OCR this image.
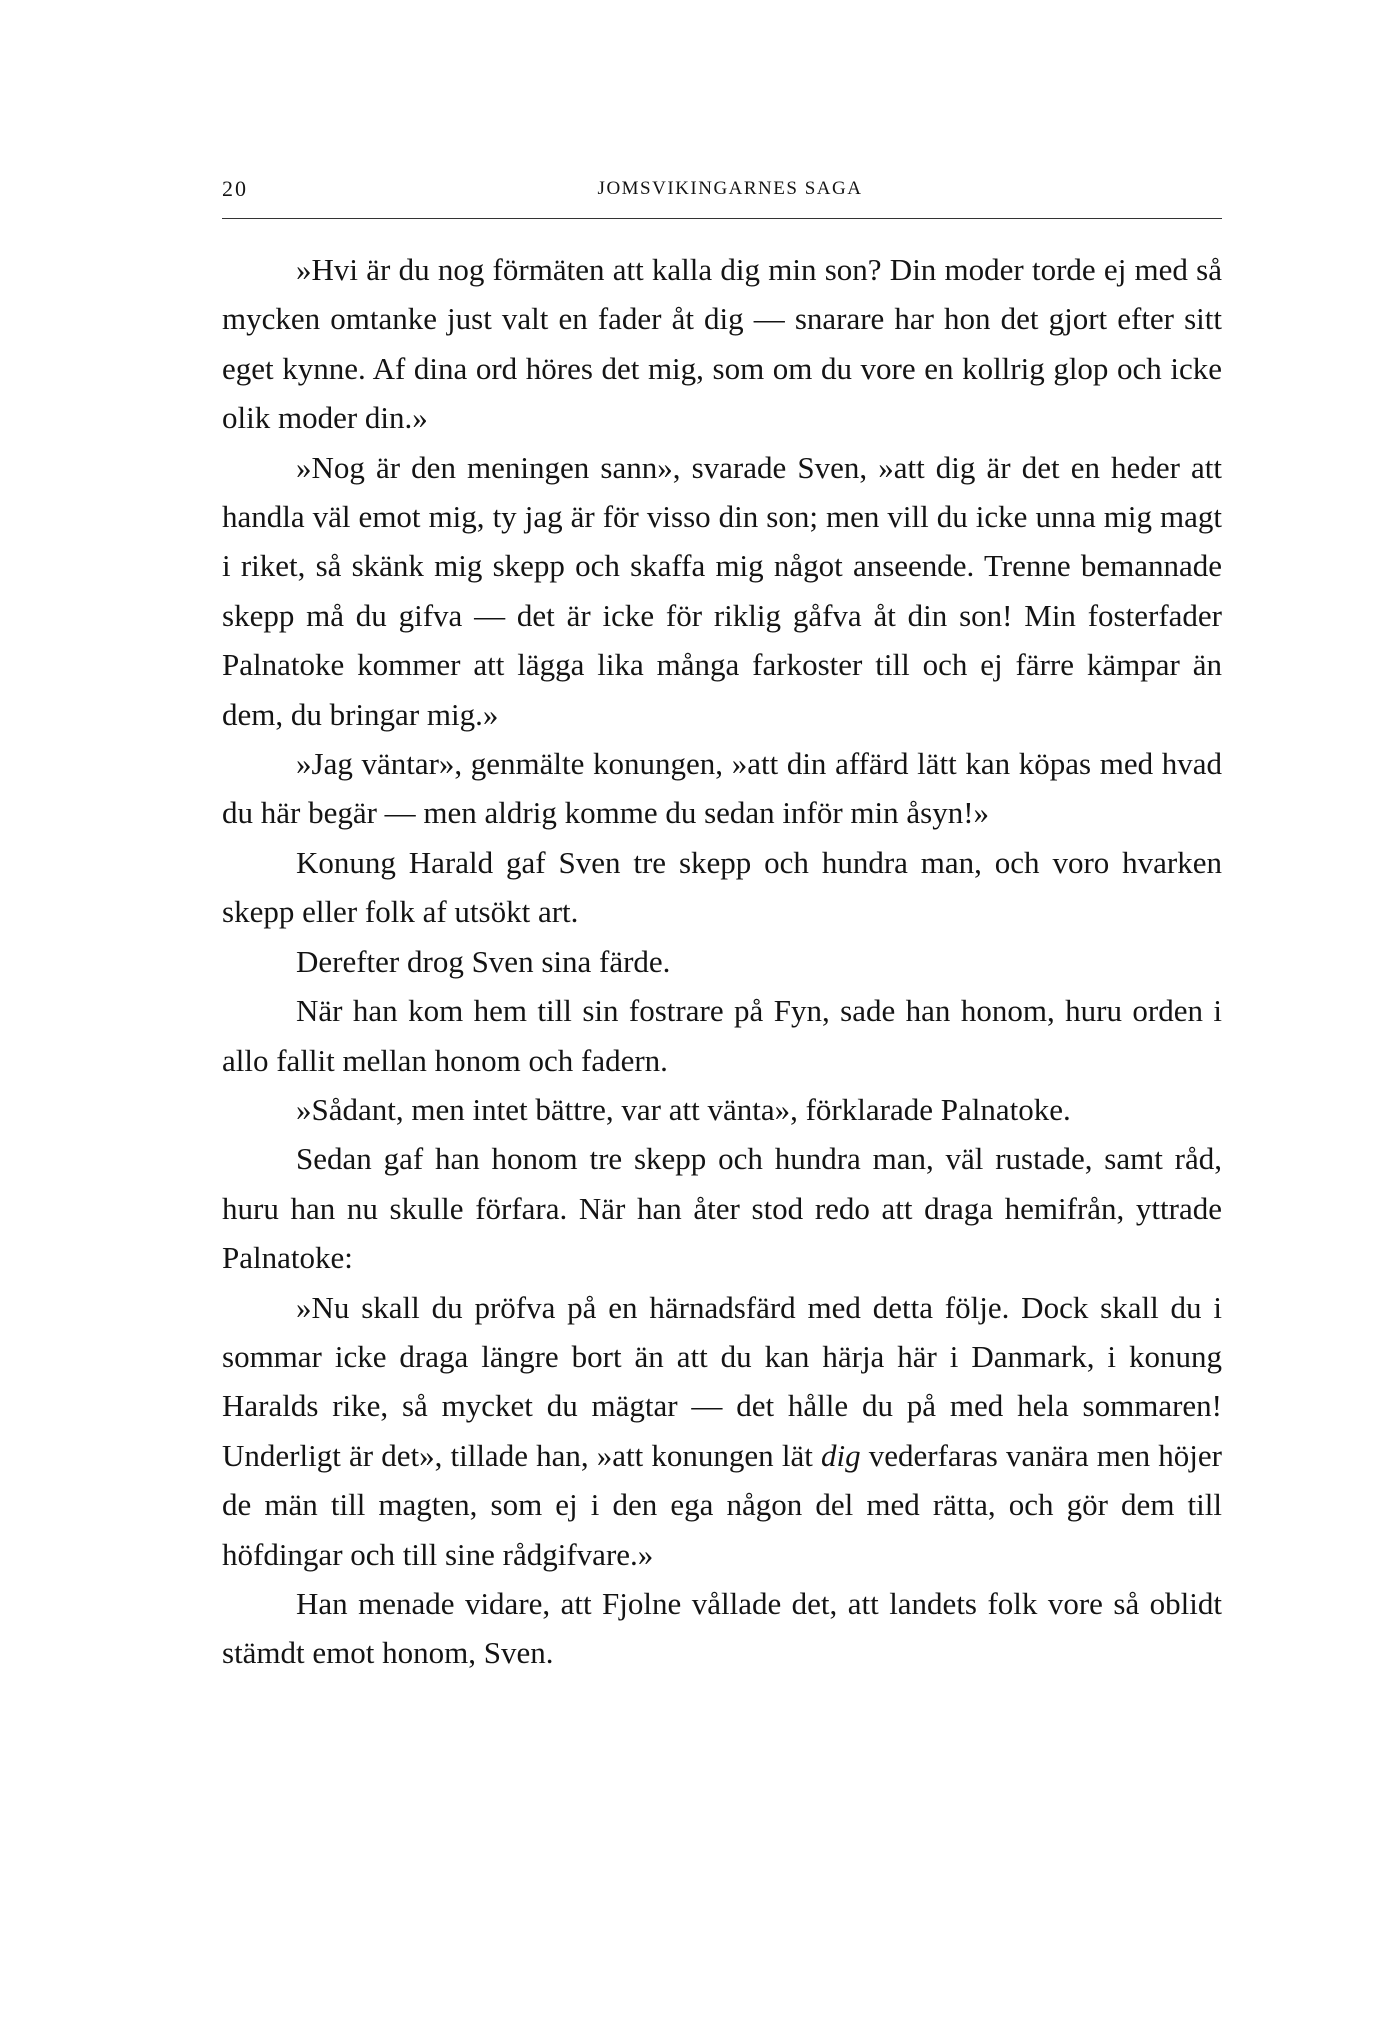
20	JOMSVIKINGARNES SAGA

»Hvi är du nog förmäten att kalla dig min son? Din moder torde ej med så mycken omtanke just valt en fader åt dig — snarare har hon det gjort efter sitt eget kynne. Af dina ord höres det mig, som om du vore en kollrig glop och icke olik moder din.»

»Nog är den meningen sann», svarade Sven, »att dig är det en heder att handla väl emot mig, ty jag är för visso din son; men vill du icke unna mig magt i riket, så skänk mig skepp och skaffa mig något anseende. Trenne bemannade skepp må du gifva — det är icke för riklig gåfva åt din son! Min fosterfader Palnatoke kommer att lägga lika många farkoster till och ej färre kämpar än dem, du bringar mig.»

»Jag väntar», genmälte konungen, »att din affärd lätt kan köpas med hvad du här begär — men aldrig komme du sedan inför min åsyn!»

Konung Harald gaf Sven tre skepp och hundra man, och voro hvarken skepp eller folk af utsökt art.

Derefter drog Sven sina färde.

När han kom hem till sin fostrare på Fyn, sade han honom, huru orden i allo fallit mellan honom och fadern.

»Sådant, men intet bättre, var att vänta», förklarade Palnatoke.

Sedan gaf han honom tre skepp och hundra man, väl rustade, samt råd, huru han nu skulle förfara. När han åter stod redo att draga hemifrån, yttrade Palnatoke:

»Nu skall du pröfva på en härnadsfärd med detta följe. Dock skall du i sommar icke draga längre bort än att du kan härja här i Danmark, i konung Haralds rike, så mycket du mägtar — det hålle du på med hela sommaren! Underligt är det», tillade han, »att konungen lät dig vederfaras vanära men höjer de män till magten, som ej i den ega någon del med rätta, och gör dem till höfdingar och till sine rådgifvare.»

Han menade vidare, att Fjolne vållade det, att landets folk vore så oblidt stämdt emot honom, Sven.
